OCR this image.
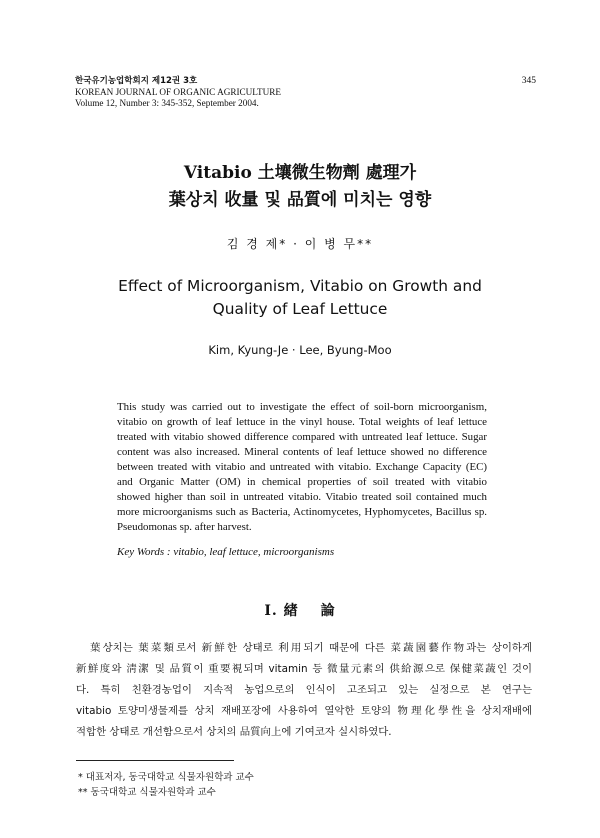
한국유기농업학회지 제12권 3호
KOREAN JOURNAL OF ORGANIC AGRICULTURE
Volume 12, Number 3: 345-352, September 2004.
345
Vitabio 土壤微生物劑 處理가
葉상치 收量 및 品質에 미치는 영향
김 경 제* · 이 병 무**
Effect of Microorganism, Vitabio on Growth and
Quality of Leaf Lettuce
Kim, Kyung-Je · Lee, Byung-Moo
This study was carried out to investigate the effect of soil-born microorganism,
vitabio on growth of leaf lettuce in the vinyl house. Total weights of leaf lettuce
treated with vitabio showed difference compared with untreated leaf lettuce. Sugar
content was also increased. Mineral contents of leaf lettuce showed no difference
between treated with vitabio and untreated with vitabio. Exchange Capacity (EC)
and Organic Matter (OM) in chemical properties of soil treated with vitabio
showed higher than soil in untreated vitabio. Vitabio treated soil contained much
more microorganisms such as Bacteria, Actinomycetes, Hyphomycetes, Bacillus sp.
Pseudomonas sp. after harvest.
Key Words : vitabio, leaf lettuce, microorganisms
Ⅰ. 緖 論
葉상치는 葉菜類로서 新鮮한 상태로 利用되기 때문에 다른 菜蔬園藝作物과는 상이하게
新鮮度와 淸潔 및 品質이 重要視되며 vitamin 등 微量元素의 供給源으로 保健菜蔬인 것이
다. 특히 친환경농업이 지속적 농업으로의 인식이 고조되고 있는 실정으로 본 연구는
vitabio 토양미생물제를 상치 재배포장에 사용하여 열악한 토양의 物理化學性을 상치재배에
적합한 상태로 개선함으로서 상치의 品質向上에 기여코자 실시하였다.
* 대표저자, 동국대학교 식물자원학과 교수
** 동국대학교 식물자원학과 교수
